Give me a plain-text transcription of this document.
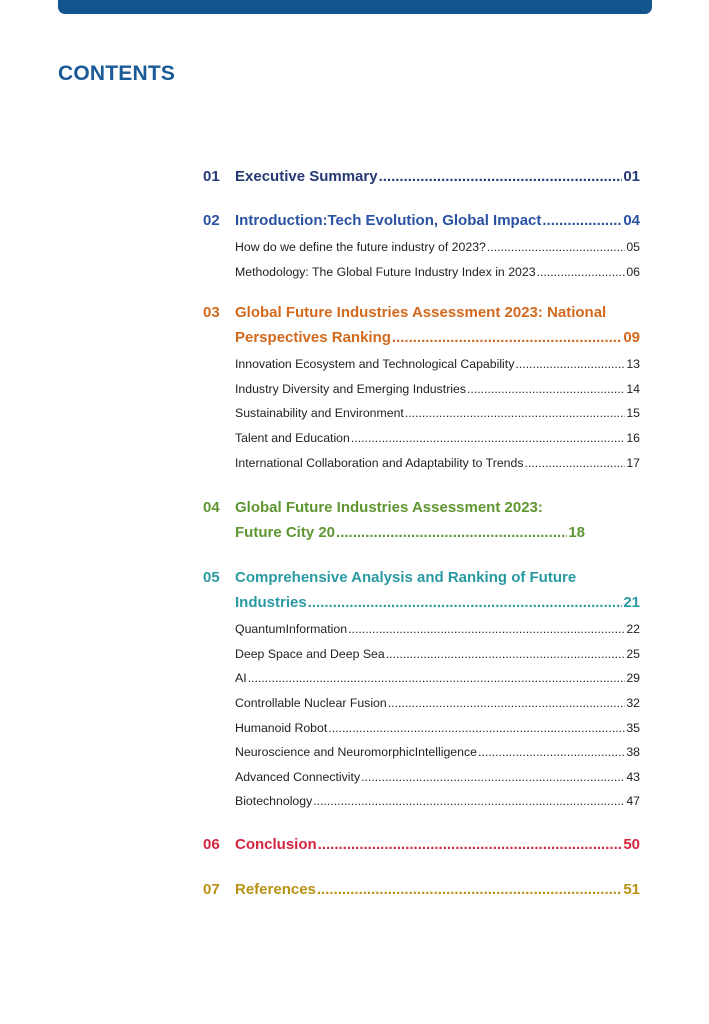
CONTENTS
01 Executive Summary .....	01
02 Introduction:Tech Evolution, Global Impact .....	04
How do we define the future industry of 2023? .....	05
Methodology: The Global Future Industry Index in 2023 .....	06
03 Global Future Industries Assessment 2023: National
Perspectives Ranking .....	09
Innovation Ecosystem and Technological Capability .....	13
Industry Diversity and Emerging Industries .....	14
Sustainability and Environment .....	15
Talent and Education .....	16
International Collaboration and Adaptability to Trends .....	17
04 Global Future Industries Assessment 2023:
Future City 20 .....	18
05 Comprehensive Analysis and Ranking of Future
Industries .....	21
QuantumInformation .....	22
Deep Space and Deep Sea .....	25
AI .....	29
Controllable Nuclear Fusion .....	32
Humanoid Robot .....	35
Neuroscience and NeuromorphicIntelligence .....	38
Advanced Connectivity .....	43
Biotechnology .....	47
06 Conclusion .....	50
07 References .....	51
